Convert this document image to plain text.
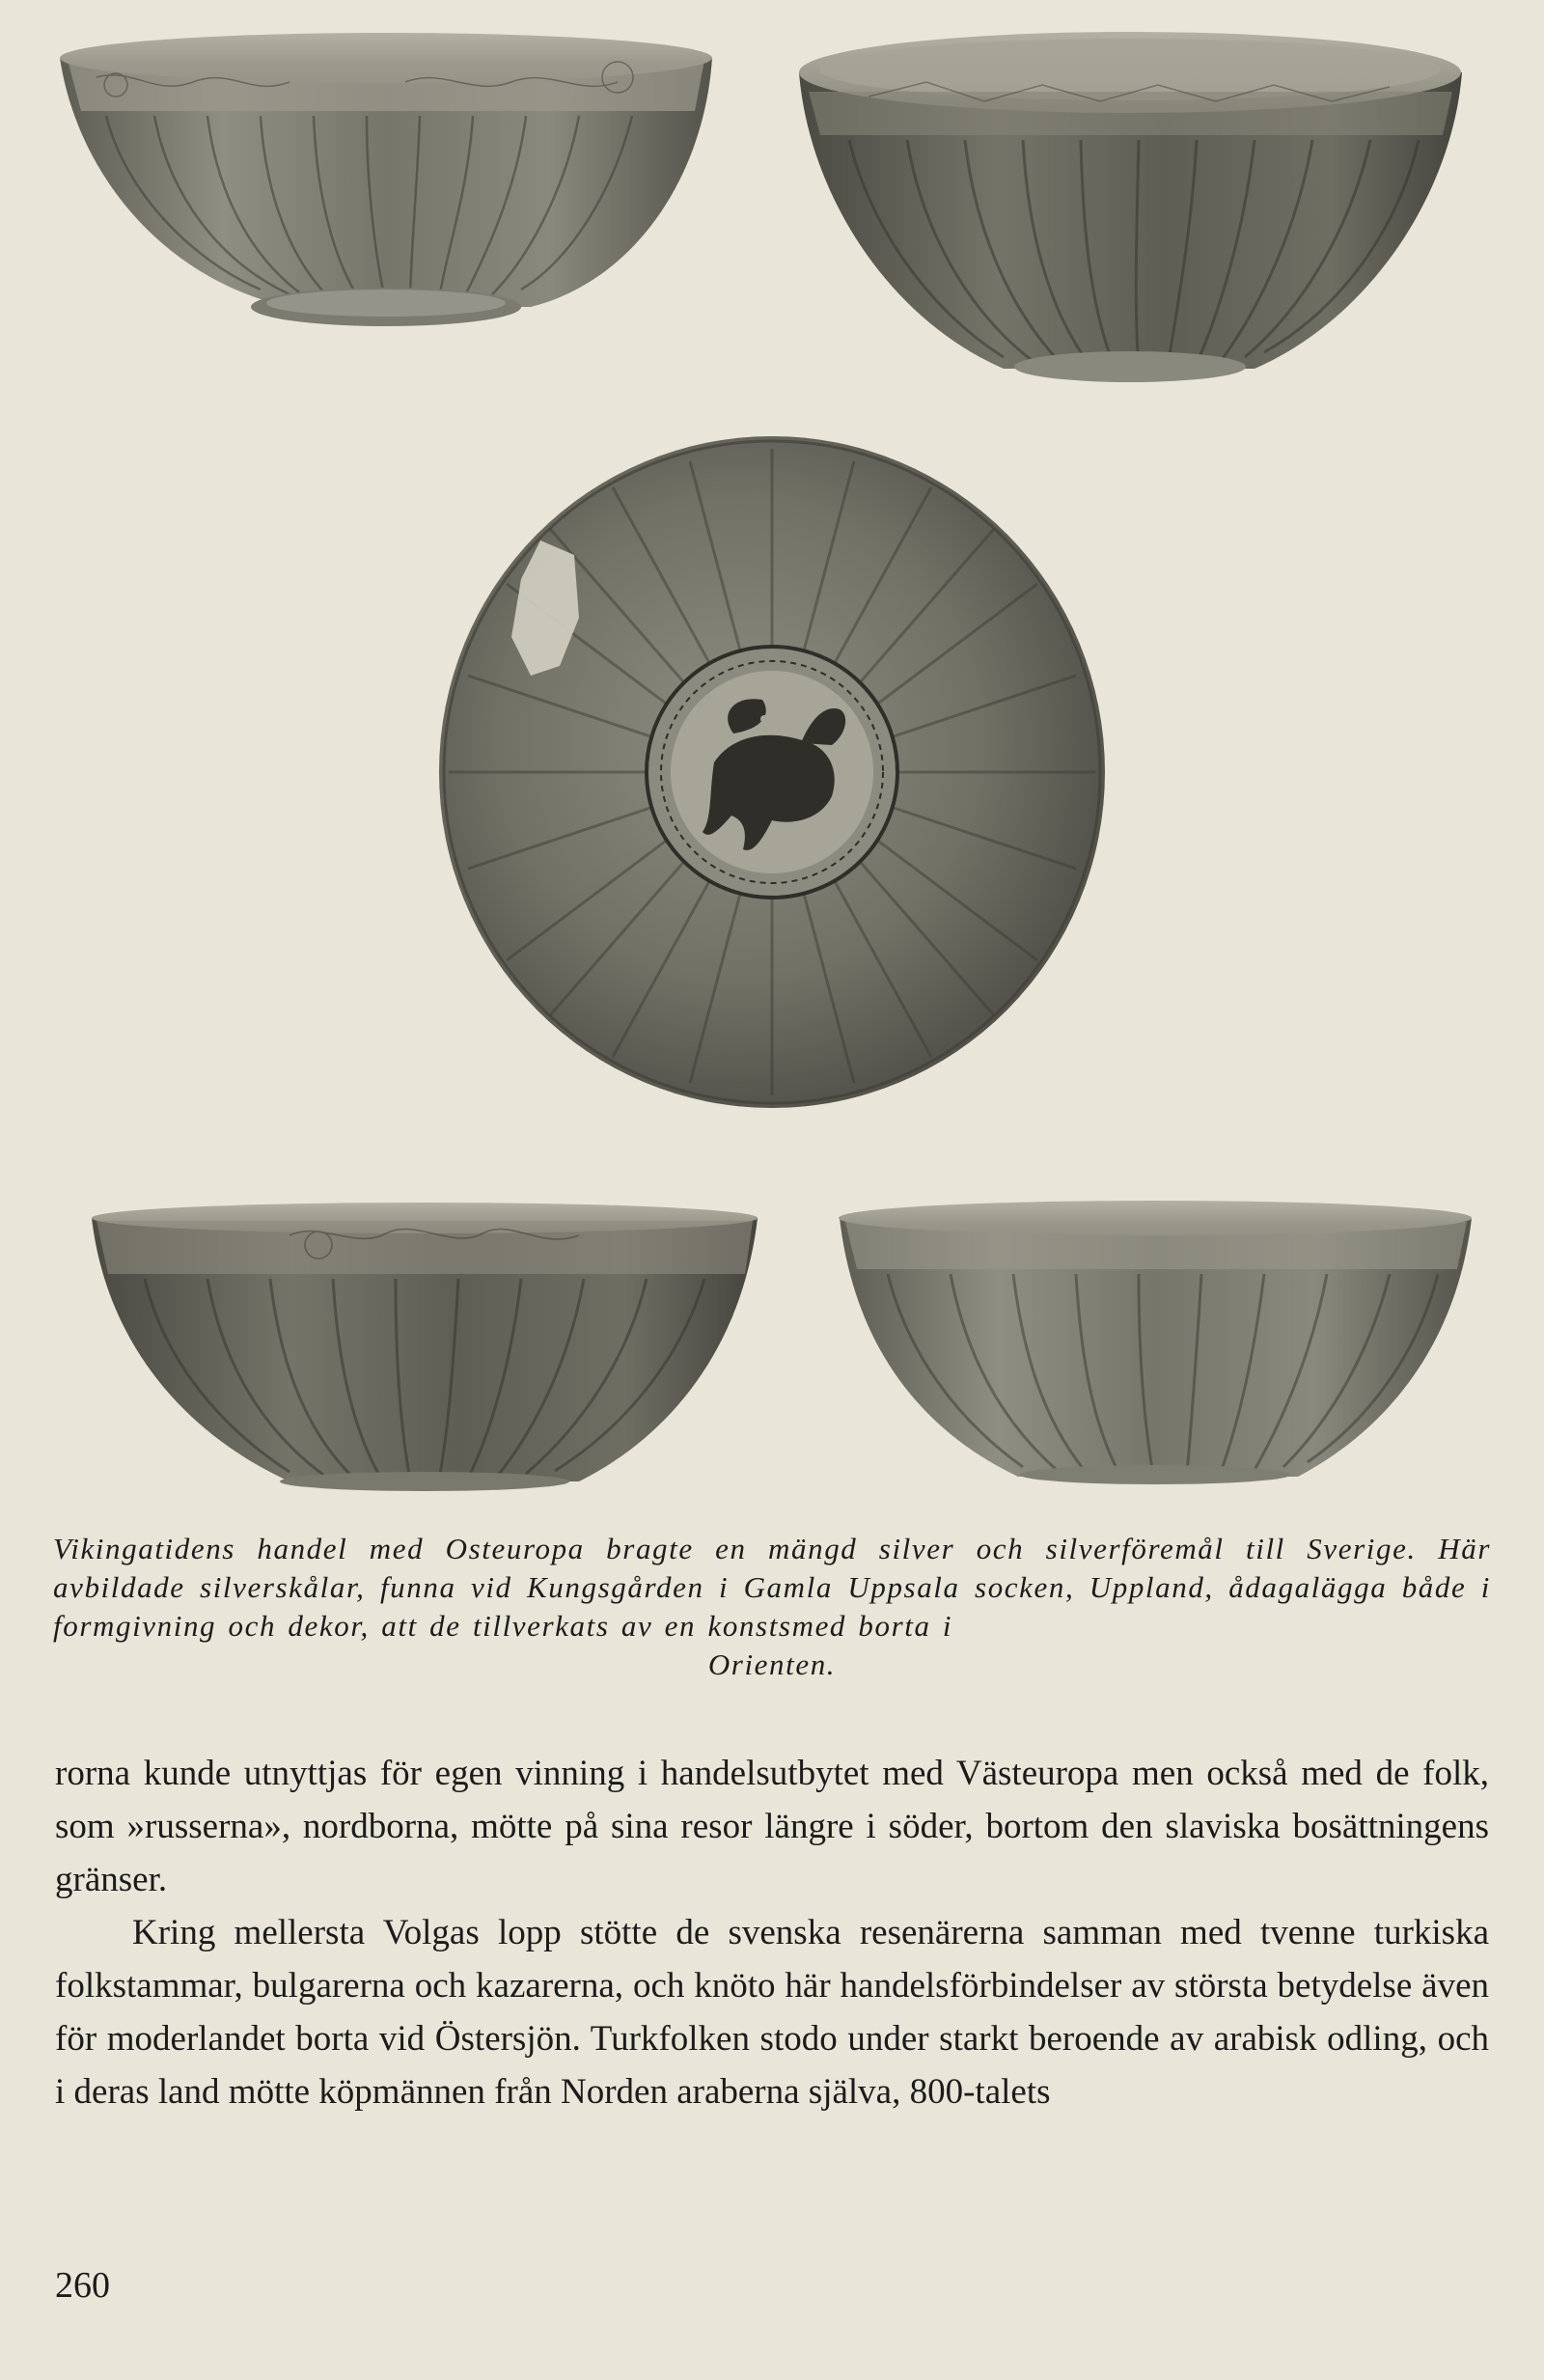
Vikingatidens handel med Osteuropa bragte en mängd silver och silverföremål till Sverige. Här avbildade silverskålar, funna vid Kungsgården i Gamla Uppsala socken, Uppland, ådagalägga både i formgivning och dekor, att de tillverkats av en konstsmed borta i
Orienten.

rorna kunde utnyttjas för egen vinning i handelsutbytet med Västeuropa men också med de folk, som »russerna», nordborna, mötte på sina resor längre i söder, bortom den slaviska bosättningens gränser.

Kring mellersta Volgas lopp stötte de svenska resenärerna samman med tvenne turkiska folkstammar, bulgarerna och kazarerna, och knöto här handelsförbindelser av största betydelse även för moderlandet borta vid Östersjön. Turkfolken stodo under starkt beroende av arabisk odling, och i deras land mötte köpmännen från Norden araberna själva, 800-talets

260
